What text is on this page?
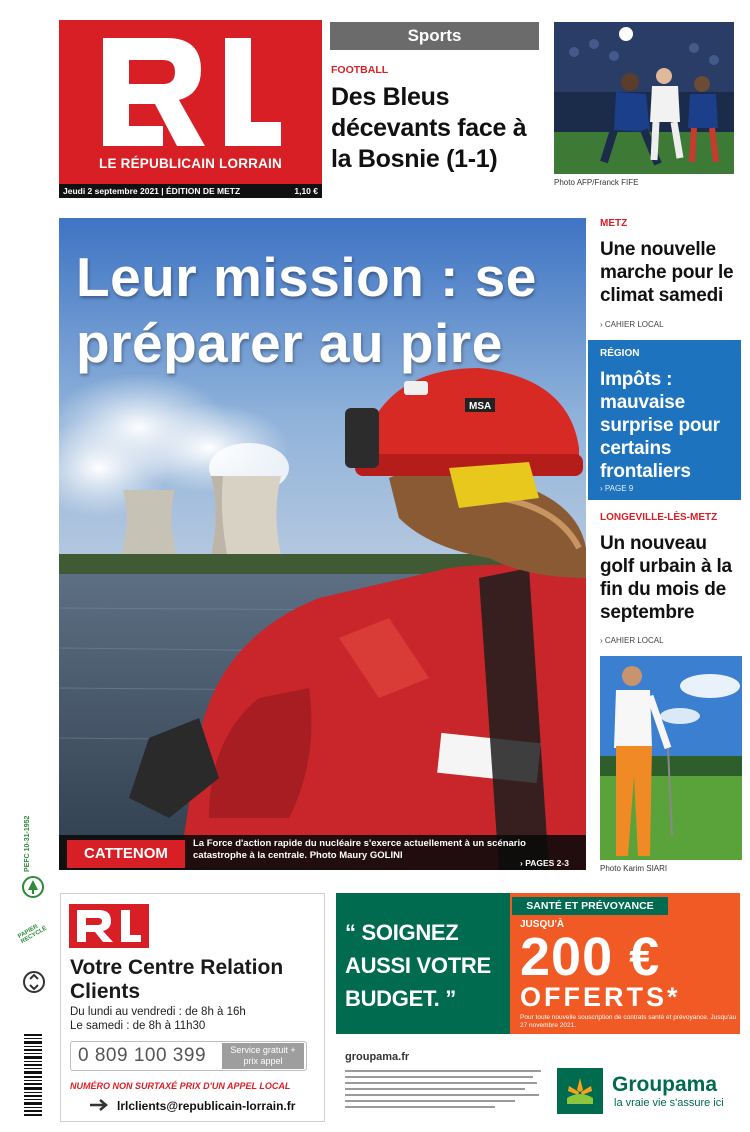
LE RÉPUBLICAIN LORRAIN
Jeudi 2 septembre 2021 | ÉDITION DE METZ	1,10 €
Sports
FOOTBALL
Des Bleus décevants face à la Bosnie (1-1)
Photo AFP/Franck FIFE
MSA
Leur mission : se préparer au pire
CATTENOM
La Force d'action rapide du nucléaire s'exerce actuellement à un scénario catastrophe à la centrale. Photo Maury GOLINI
› PAGES 2-3
METZ
Une nouvelle marche pour le climat samedi
› CAHIER LOCAL
RÉGION
Impôts : mauvaise surprise pour certains frontaliers
› PAGE 9
LONGEVILLE-LÈS-METZ
Un nouveau golf urbain à la fin du mois de septembre
› CAHIER LOCAL
Photo Karim SIARI
PEFC 10-31-1952
PAPIER RECYCLÉ
Votre Centre Relation Clients
Du lundi au vendredi : de 8h à 16h
Le samedi : de 8h à 11h30
0 809 100 399	Service gratuit + prix appel
NUMÉRO NON SURTAXÉ PRIX D'UN APPEL LOCAL
lrlclients@republicain-lorrain.fr
“ SOIGNEZ AUSSI VOTRE BUDGET. ”
SANTÉ ET PRÉVOYANCE
JUSQU'À
200 €
OFFERTS*
Pour toute nouvelle souscription de contrats santé et prévoyance. Jusqu'au 27 novembre 2021.
groupama.fr
Groupama
la vraie vie s'assure ici
